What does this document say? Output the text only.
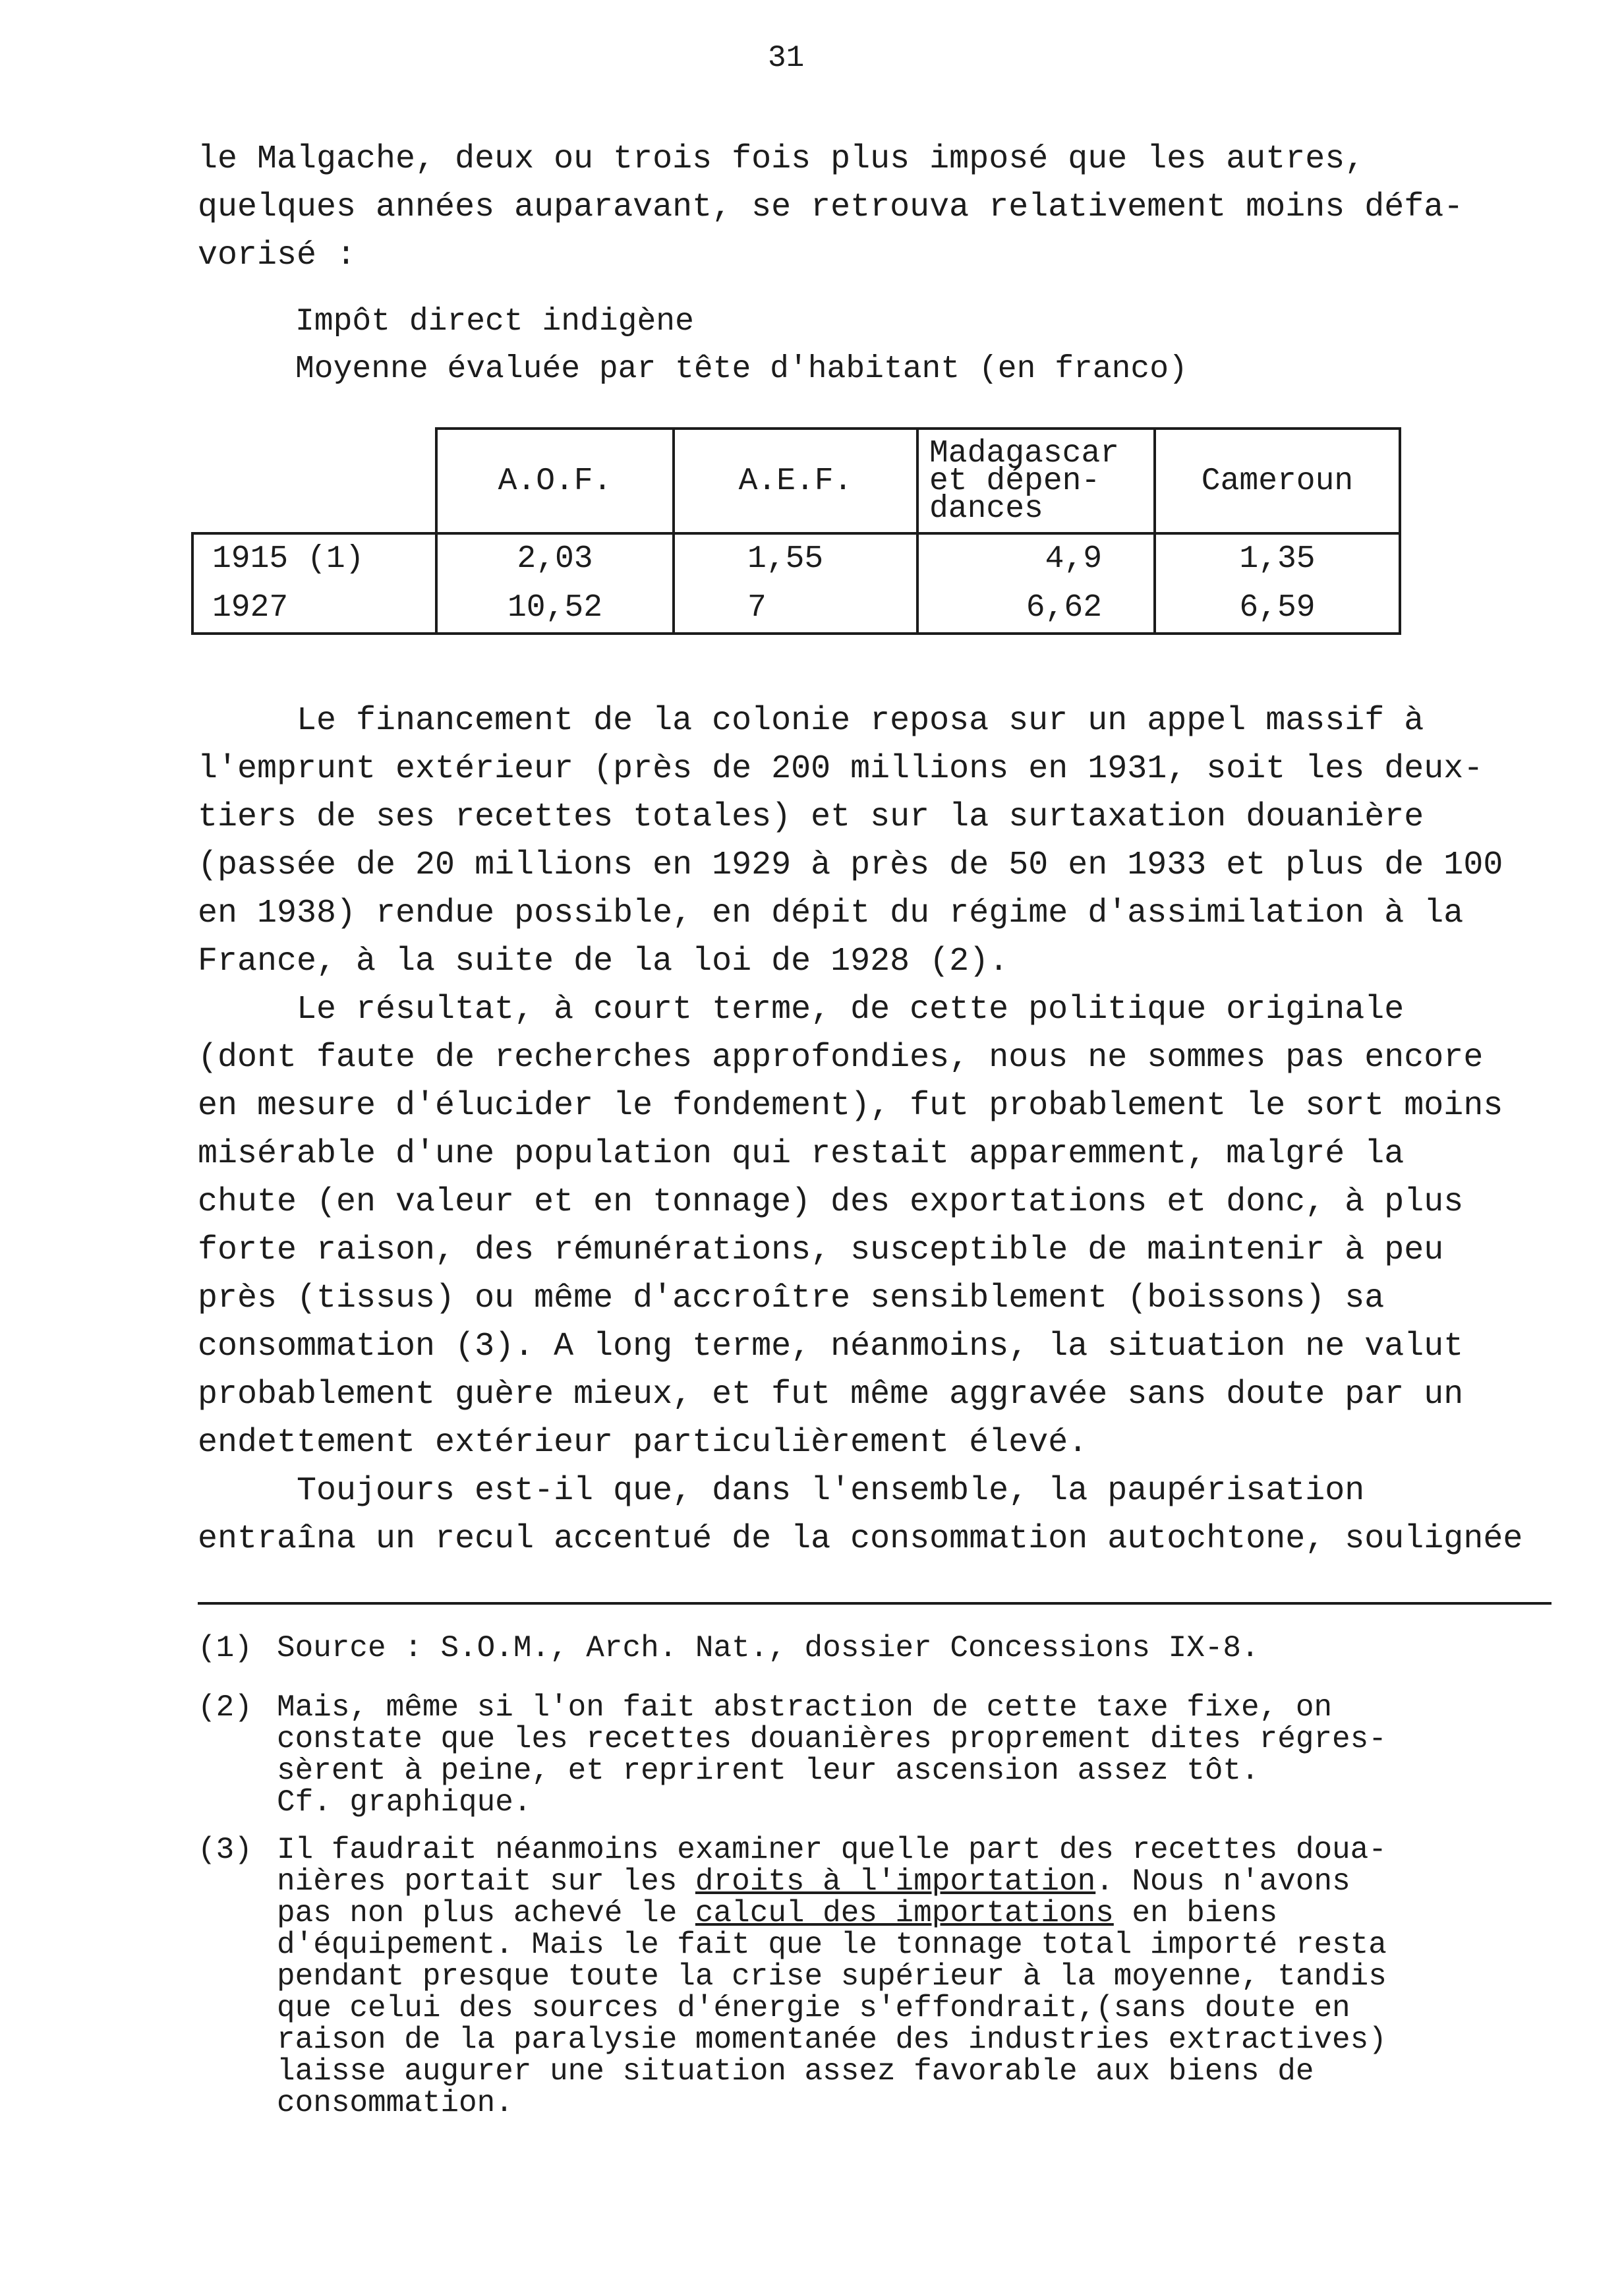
31
le Malgache, deux ou trois fois plus imposé que les autres,
quelques années auparavant, se retrouva relativement moins défa-
vorisé :
Impôt direct indigène
Moyenne évaluée par tête d'habitant (en franco)
	A.O.F.	A.E.F.	Madagascar
et dépen-
dances	Cameroun
1915 (1)	2,03	1,55	4,9	1,35
1927	10,52	7	6,62	6,59
Le financement de la colonie reposa sur un appel massif à
l'emprunt extérieur (près de 200 millions en 1931, soit les deux-
tiers de ses recettes totales) et sur la surtaxation douanière
(passée de 20 millions en 1929 à près de 50 en 1933 et plus de 100
en 1938) rendue possible, en dépit du régime d'assimilation à la
France, à la suite de la loi de 1928 (2).
Le résultat, à court terme, de cette politique originale
(dont faute de recherches approfondies, nous ne sommes pas encore
en mesure d'élucider le fondement), fut probablement le sort moins
misérable d'une population qui restait apparemment, malgré la
chute (en valeur et en tonnage) des exportations et donc, à plus
forte raison, des rémunérations, susceptible de maintenir à peu
près (tissus) ou même d'accroître sensiblement (boissons) sa
consommation (3). A long terme, néanmoins, la situation ne valut
probablement guère mieux, et fut même aggravée sans doute par un
endettement extérieur particulièrement élevé.
Toujours est-il que, dans l'ensemble, la paupérisation
entraîna un recul accentué de la consommation autochtone, soulignée
(1) Source : S.O.M., Arch. Nat., dossier Concessions IX-8.
(2) Mais, même si l'on fait abstraction de cette taxe fixe, on
constate que les recettes douanières proprement dites régres-
sèrent à peine, et reprirent leur ascension assez tôt.
Cf. graphique.
(3) Il faudrait néanmoins examiner quelle part des recettes doua-
nières portait sur les droits à l'importation. Nous n'avons
pas non plus achevé le calcul des importations en biens
d'équipement. Mais le fait que le tonnage total importé resta
pendant presque toute la crise supérieur à la moyenne, tandis
que celui des sources d'énergie s'effondrait,(sans doute en
raison de la paralysie momentanée des industries extractives)
laisse augurer une situation assez favorable aux biens de
consommation.
